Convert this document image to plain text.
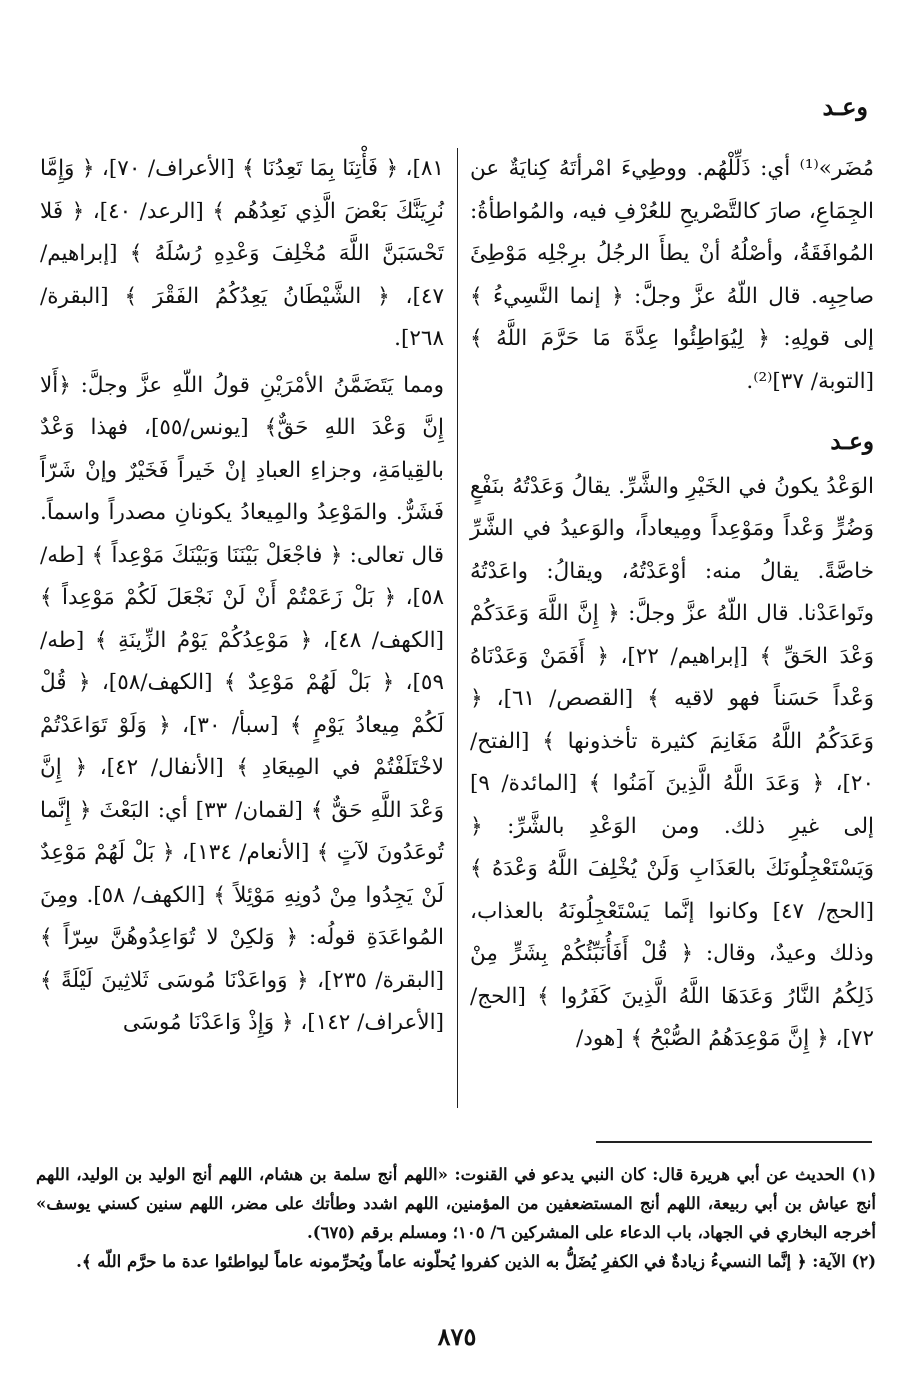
وعـد

مُضَر»⁽¹⁾ أي: ذَلِّلْهُم. ووطِيءَ امْرأتَهُ كِنايَةٌ عن الجِمَاعِ، صارَ كالتَّصْريحِ للعُرْفِ فيه، والمُواطأةُ: المُوافَقَةُ، وأصْلُهُ أنْ يطأَ الرجُلُ برِجْلِه مَوْطِئَ صاحِبِه. قال اللّهُ عزَّ وجلَّ: ﴿ إنما النَّسِيءُ ﴾ إلى قولِهِ: ﴿ لِيُوَاطِئُوا عِدَّةَ مَا حَرَّمَ اللَّهُ ﴾ [التوبة/ ٣٧]⁽²⁾.

وعـد

الوَعْدُ يكونُ في الخَيْرِ والشَّرِّ. يقالُ وَعَدْتُهُ بنَفْعٍ وَضُرٍّ وَعْداً ومَوْعِداً ومِيعاداً، والوَعيدُ في الشَّرِّ خاصَّةً. يقالُ منه: أوْعَدْتُهُ، ويقالُ: واعَدْتُهُ وتَواعَدْنا. قال اللّهُ عزَّ وجلَّ: ﴿ إِنَّ اللَّهَ وَعَدَكُمْ وَعْدَ الحَقِّ ﴾ [إبراهيم/ ٢٢]، ﴿ أَفَمَنْ وَعَدْنَاهُ وَعْداً حَسَناً فهو لاقيه ﴾ [القصص/ ٦١]، ﴿ وَعَدَكُمُ اللَّهُ مَغَانِمَ كثيرة تأخذونها ﴾ [الفتح/ ٢٠]، ﴿ وَعَدَ اللَّهُ الَّذِينَ آمَنُوا ﴾ [المائدة/ ٩] إلى غيرِ ذلك. ومن الوَعْدِ بالشَّرِّ: ﴿ وَيَسْتَعْجِلُونَكَ بالعَذَابِ وَلَنْ يُخْلِفَ اللَّهُ وَعْدَهُ ﴾ [الحج/ ٤٧] وكانوا إنَّما يَسْتَعْجِلُونَهُ بالعذاب، وذلك وعيدٌ، وقال: ﴿ قُلْ أَفَأُنَبِّئُكُمْ بِشَرٍّ مِنْ ذَلِكُمُ النَّارُ وَعَدَهَا اللَّهُ الَّذِينَ كَفَرُوا ﴾ [الحج/ ٧٢]، ﴿ إِنَّ مَوْعِدَهُمُ الصُّبْحُ ﴾ [هود/

٨١]، ﴿ فَأْتِنَا بِمَا تَعِدُنَا ﴾ [الأعراف/ ٧٠]، ﴿ وَإِمَّا نُرِيَنَّكَ بَعْضَ الَّذِي نَعِدُهُم ﴾ [الرعد/ ٤٠]، ﴿ فَلا تَحْسَبَنَّ اللَّهَ مُخْلِفَ وَعْدِهِ رُسُلَهُ ﴾ [إبراهيم/ ٤٧]، ﴿ الشَّيْطَانُ يَعِدُكُمُ الفَقْرَ ﴾ [البقرة/ ٢٦٨].

ومما يَتَضَمَّنُ الأمْرَيْنِ قولُ اللّهِ عزَّ وجلَّ: ﴿أَلا إِنَّ وَعْدَ اللهِ حَقٌّ﴾ [يونس/٥٥]، فهذا وَعْدٌ بالقِيامَةِ، وجزاءِ العبادِ إنْ خَيراً فَخَيْرٌ وإنْ شَرّاً فَشَرٌّ. والمَوْعِدُ والمِيعادُ يكونانِ مصدراً واسماً. قال تعالى: ﴿ فاجْعَلْ بَيْنَنَا وَبَيْنَكَ مَوْعِداً ﴾ [طه/ ٥٨]، ﴿ بَلْ زَعَمْتُمْ أَنْ لَنْ نَجْعَلَ لَكُمْ مَوْعِداً ﴾ [الكهف/ ٤٨]، ﴿ مَوْعِدُكُمْ يَوْمُ الزِّينَةِ ﴾ [طه/ ٥٩]، ﴿ بَلْ لَهُمْ مَوْعِدٌ ﴾ [الكهف/٥٨]، ﴿ قُلْ لَكُمْ مِيعادُ يَوْمٍ ﴾ [سبأ/ ٣٠]، ﴿ وَلَوْ تَوَاعَدْتُمْ لاخْتَلَفْتُمْ في المِيعَادِ ﴾ [الأنفال/ ٤٢]، ﴿ إِنَّ وَعْدَ اللَّهِ حَقٌّ ﴾ [لقمان/ ٣٣] أي: البَعْثَ ﴿ إِنَّما تُوعَدُونَ لآتٍ ﴾ [الأنعام/ ١٣٤]، ﴿ بَلْ لَهُمْ مَوْعِدٌ لَنْ يَجِدُوا مِنْ دُونِهِ مَوْئِلاً ﴾ [الكهف/ ٥٨]. ومِنَ المُواعَدَةِ قولُه: ﴿ وَلكِنْ لا تُوَاعِدُوهُنَّ سِرّاً ﴾ [البقرة/ ٢٣٥]، ﴿ وَواعَدْنَا مُوسَى ثَلاثِينَ لَيْلَةً ﴾ [الأعراف/ ١٤٢]، ﴿ وَإِذْ وَاعَدْنَا مُوسَى

(١) الحديث عن أبي هريرة قال: كان النبي يدعو في القنوت: «اللهم أنج سلمة بن هشام، اللهم أنج الوليد بن الوليد، اللهم أنج عياش بن أبي ربيعة، اللهم أنج المستضعفين من المؤمنين، اللهم اشدد وطأتك على مضر، اللهم سنين كسني يوسف» أخرجه البخاري في الجهاد، باب الدعاء على المشركين ٦/ ١٠٥؛ ومسلم برقم (٦٧٥).

(٢) الآية: ﴿ إنَّما النسيءُ زيادةٌ في الكفرِ يُضَلُّ به الذين كفروا يُحلّونه عاماً ويُحرِّمونه عاماً ليواطئوا عدة ما حرَّم اللّه ﴾.

٨٧٥
